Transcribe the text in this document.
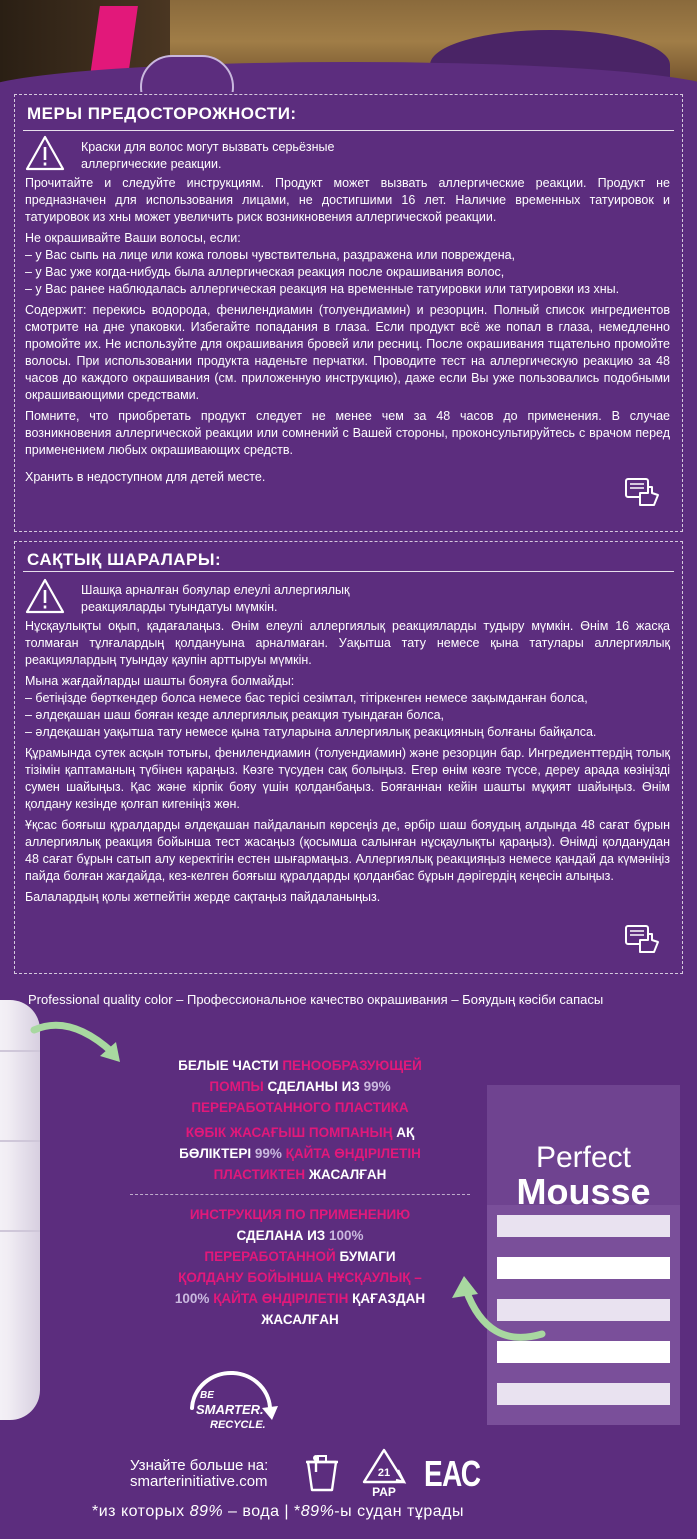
МЕРЫ ПРЕДОСТОРОЖНОСТИ:
Краски для волос могут вызвать серьёзные
аллергические реакции.

Прочитайте и следуйте инструкциям. Продукт может вызвать аллергические реакции. Продукт не предназначен для использования лицами, не достигшими 16 лет. Наличие временных татуировок и татуировок из хны может увеличить риск возникновения аллергической реакции.

Не окрашивайте Ваши волосы, если:

– у Вас сыпь на лице или кожа головы чувствительна, раздражена или повреждена,

– у Вас уже когда-нибудь была аллергическая реакция после окрашивания волос,

– у Вас ранее наблюдалась аллергическая реакция на временные татуировки или татуировки из хны.

Содержит: перекись водорода, фенилендиамин (толуендиамин) и резорцин. Полный список ингредиентов смотрите на дне упаковки. Избегайте попадания в глаза. Если продукт всё же попал в глаза, немедленно промойте их. Не используйте для окрашивания бровей или ресниц. После окрашивания тщательно промойте волосы. При использовании продукта наденьте перчатки. Проводите тест на аллергическую реакцию за 48 часов до каждого окрашивания (см. приложенную инструкцию), даже если Вы уже пользовались подобными окрашивающими средствами.

Помните, что приобретать продукт следует не менее чем за 48 часов до применения. В случае возникновения аллергической реакции или сомнений с Вашей стороны, проконсультируйтесь с врачом перед применением любых окрашивающих средств.

Хранить в недоступном для детей месте.

САҚТЫҚ ШАРАЛАРЫ:
Шашқа арналған бояулар елеулі аллергиялық
реакцияларды туындатуы мүмкін.

Нұсқаулықты оқып, қадағалаңыз. Өнім елеулі аллергиялық реакцияларды тудыру мүмкін. Өнім 16 жасқа толмаған тұлғалардың қолдануына арналмаған. Уақытша тату немесе қына татулары аллергиялық реакциялардың туындау қаупін арттыруы мүмкін.

Мына жағдайларды шашты бояуға болмайды:

– бетіңізде бөрткендер болса немесе бас терісі сезімтал, тітіркенген немесе зақымданған болса,

– әлдеқашан шаш бояған кезде аллергиялық реакция туындаған болса,

– әлдеқашан уақытша тату немесе қына татуларына аллергиялық реакцияның болғаны байқалса.

Құрамында сутек асқын тотығы, фенилендиамин (толуендиамин) және резорцин бар. Ингредиенттердің толық тізімін қаптаманың түбінен қараңыз. Көзге түсуден сақ болыңыз. Егер өнім көзге түссе, дереу арада көзіңізді сумен шайыңыз. Қас және кірпік бояу үшін қолданбаңыз. Бояғаннан кейін шашты мұқият шайыңыз. Өнім қолдану кезінде қолғап кигеніңіз жөн.

Ұқсас бояғыш құралдарды әлдеқашан пайдаланып көрсеңіз де, әрбір шаш бояудың алдында 48 сағат бұрын аллергиялық реакция бойынша тест жасаңыз (қосымша салынған нұсқаулықты қараңыз). Өнімді қолданудан 48 сағат бұрын сатып алу керектігін естен шығармаңыз. Аллергиялық реакцияңыз немесе қандай да күмәніңіз пайда болған жағдайда, кез-келген бояғыш құралдарды қолданбас бұрын дәрігердің кеңесін алыңыз.

Балалардың қолы жетпейтін жерде сақтаңыз пайдаланыңыз.

Professional quality color – Профессиональное качество окрашивания – Бояудың кәсіби сапасы
БЕЛЫЕ ЧАСТИ ПЕНООБРАЗУЮЩЕЙ
ПОМПЫ СДЕЛАНЫ ИЗ 99%
ПЕРЕРАБОТАННОГО ПЛАСТИКА
КӨБІК ЖАСАҒЫШ ПОМПАНЫҢ АҚ
БӨЛІКТЕРІ 99% ҚАЙТА ӨНДІРІЛЕТІН
ПЛАСТИКТЕН ЖАСАЛҒАН
ИНСТРУКЦИЯ ПО ПРИМЕНЕНИЮ
СДЕЛАНА ИЗ 100%
ПЕРЕРАБОТАННОЙ БУМАГИ
ҚОЛДАНУ БОЙЫНША НҰСҚАУЛЫҚ –
100% ҚАЙТА ӨНДІРІЛЕТІН ҚАҒАЗДАН
ЖАСАЛҒАН
Perfect
Mousse
BE
SMARTER.
RECYCLE.
Узнайте больше на:
smarterinitiative.com	21
PAP ЕАС
*из которых 89% – вода | *89%-ы судан тұрады
